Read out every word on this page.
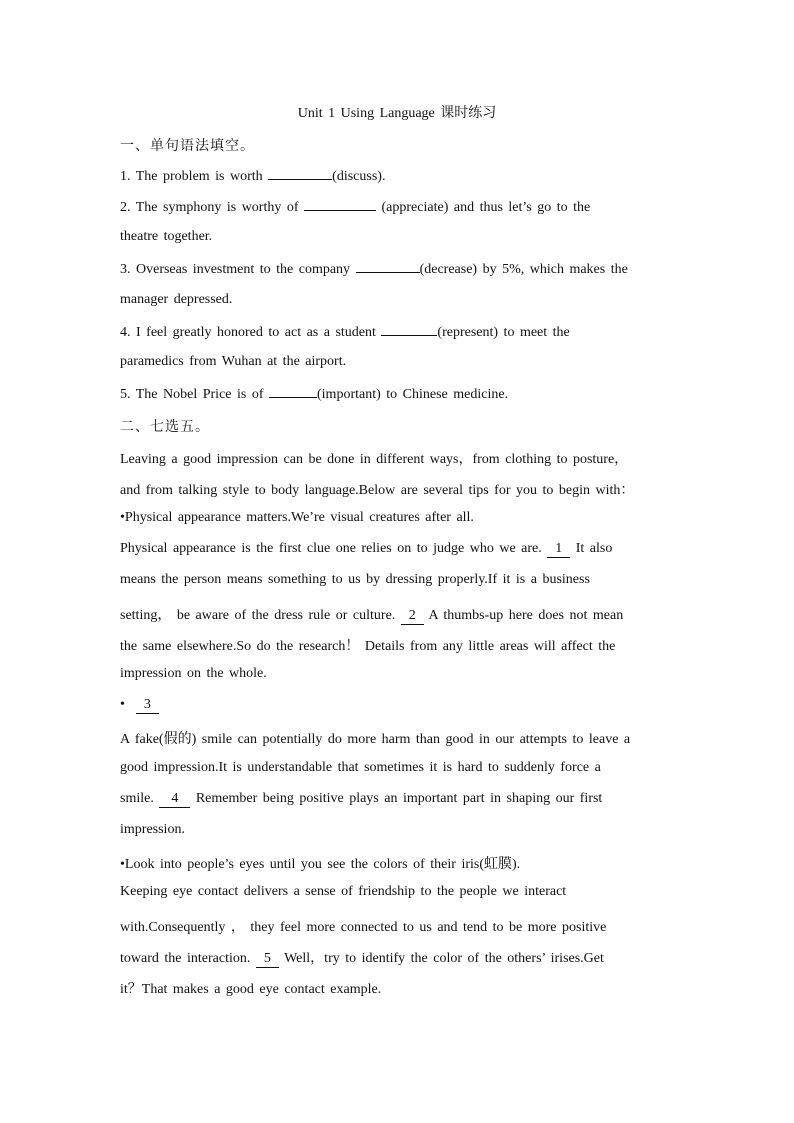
Unit 1 Using Language 课时练习
一、单句语法填空。
1. The problem is worth	(discuss).
2. The symphony is worthy of	(appreciate) and thus let’s go to the
theatre together.
3. Overseas investment to the company	(decrease) by 5%, which makes the
manager depressed.
4. I feel greatly honored to act as a student	(represent) to meet the
paramedics from Wuhan at the airport.
5. The Nobel Price is of	(important) to Chinese medicine.
二、七选五。
Leaving a good impression can be done in different ways，from clothing to posture，
and from talking style to body language.Below are several tips for you to begin with：
•Physical appearance matters.We’re visual creatures after all.
Physical appearance is the first clue one relies on to judge who we are. 1 It also
means the person means something to us by dressing properly.If it is a business
setting， be aware of the dress rule or culture. 2 A thumbs-up here does not mean
the same elsewhere.So do the research！ Details from any little areas will affect the
impression on the whole.
• 3
A fake(假的) smile can potentially do more harm than good in our attempts to leave a
good impression.It is understandable that sometimes it is hard to suddenly force a
smile. 4 Remember being positive plays an important part in shaping our first
impression.
•Look into people’s eyes until you see the colors of their iris(虹膜).
Keeping eye contact delivers a sense of friendship to the people we interact
with.Consequently ， they feel more connected to us and tend to be more positive
toward the interaction. 5 Well，try to identify the color of the others’ irises.Get
it？That makes a good eye contact example.
